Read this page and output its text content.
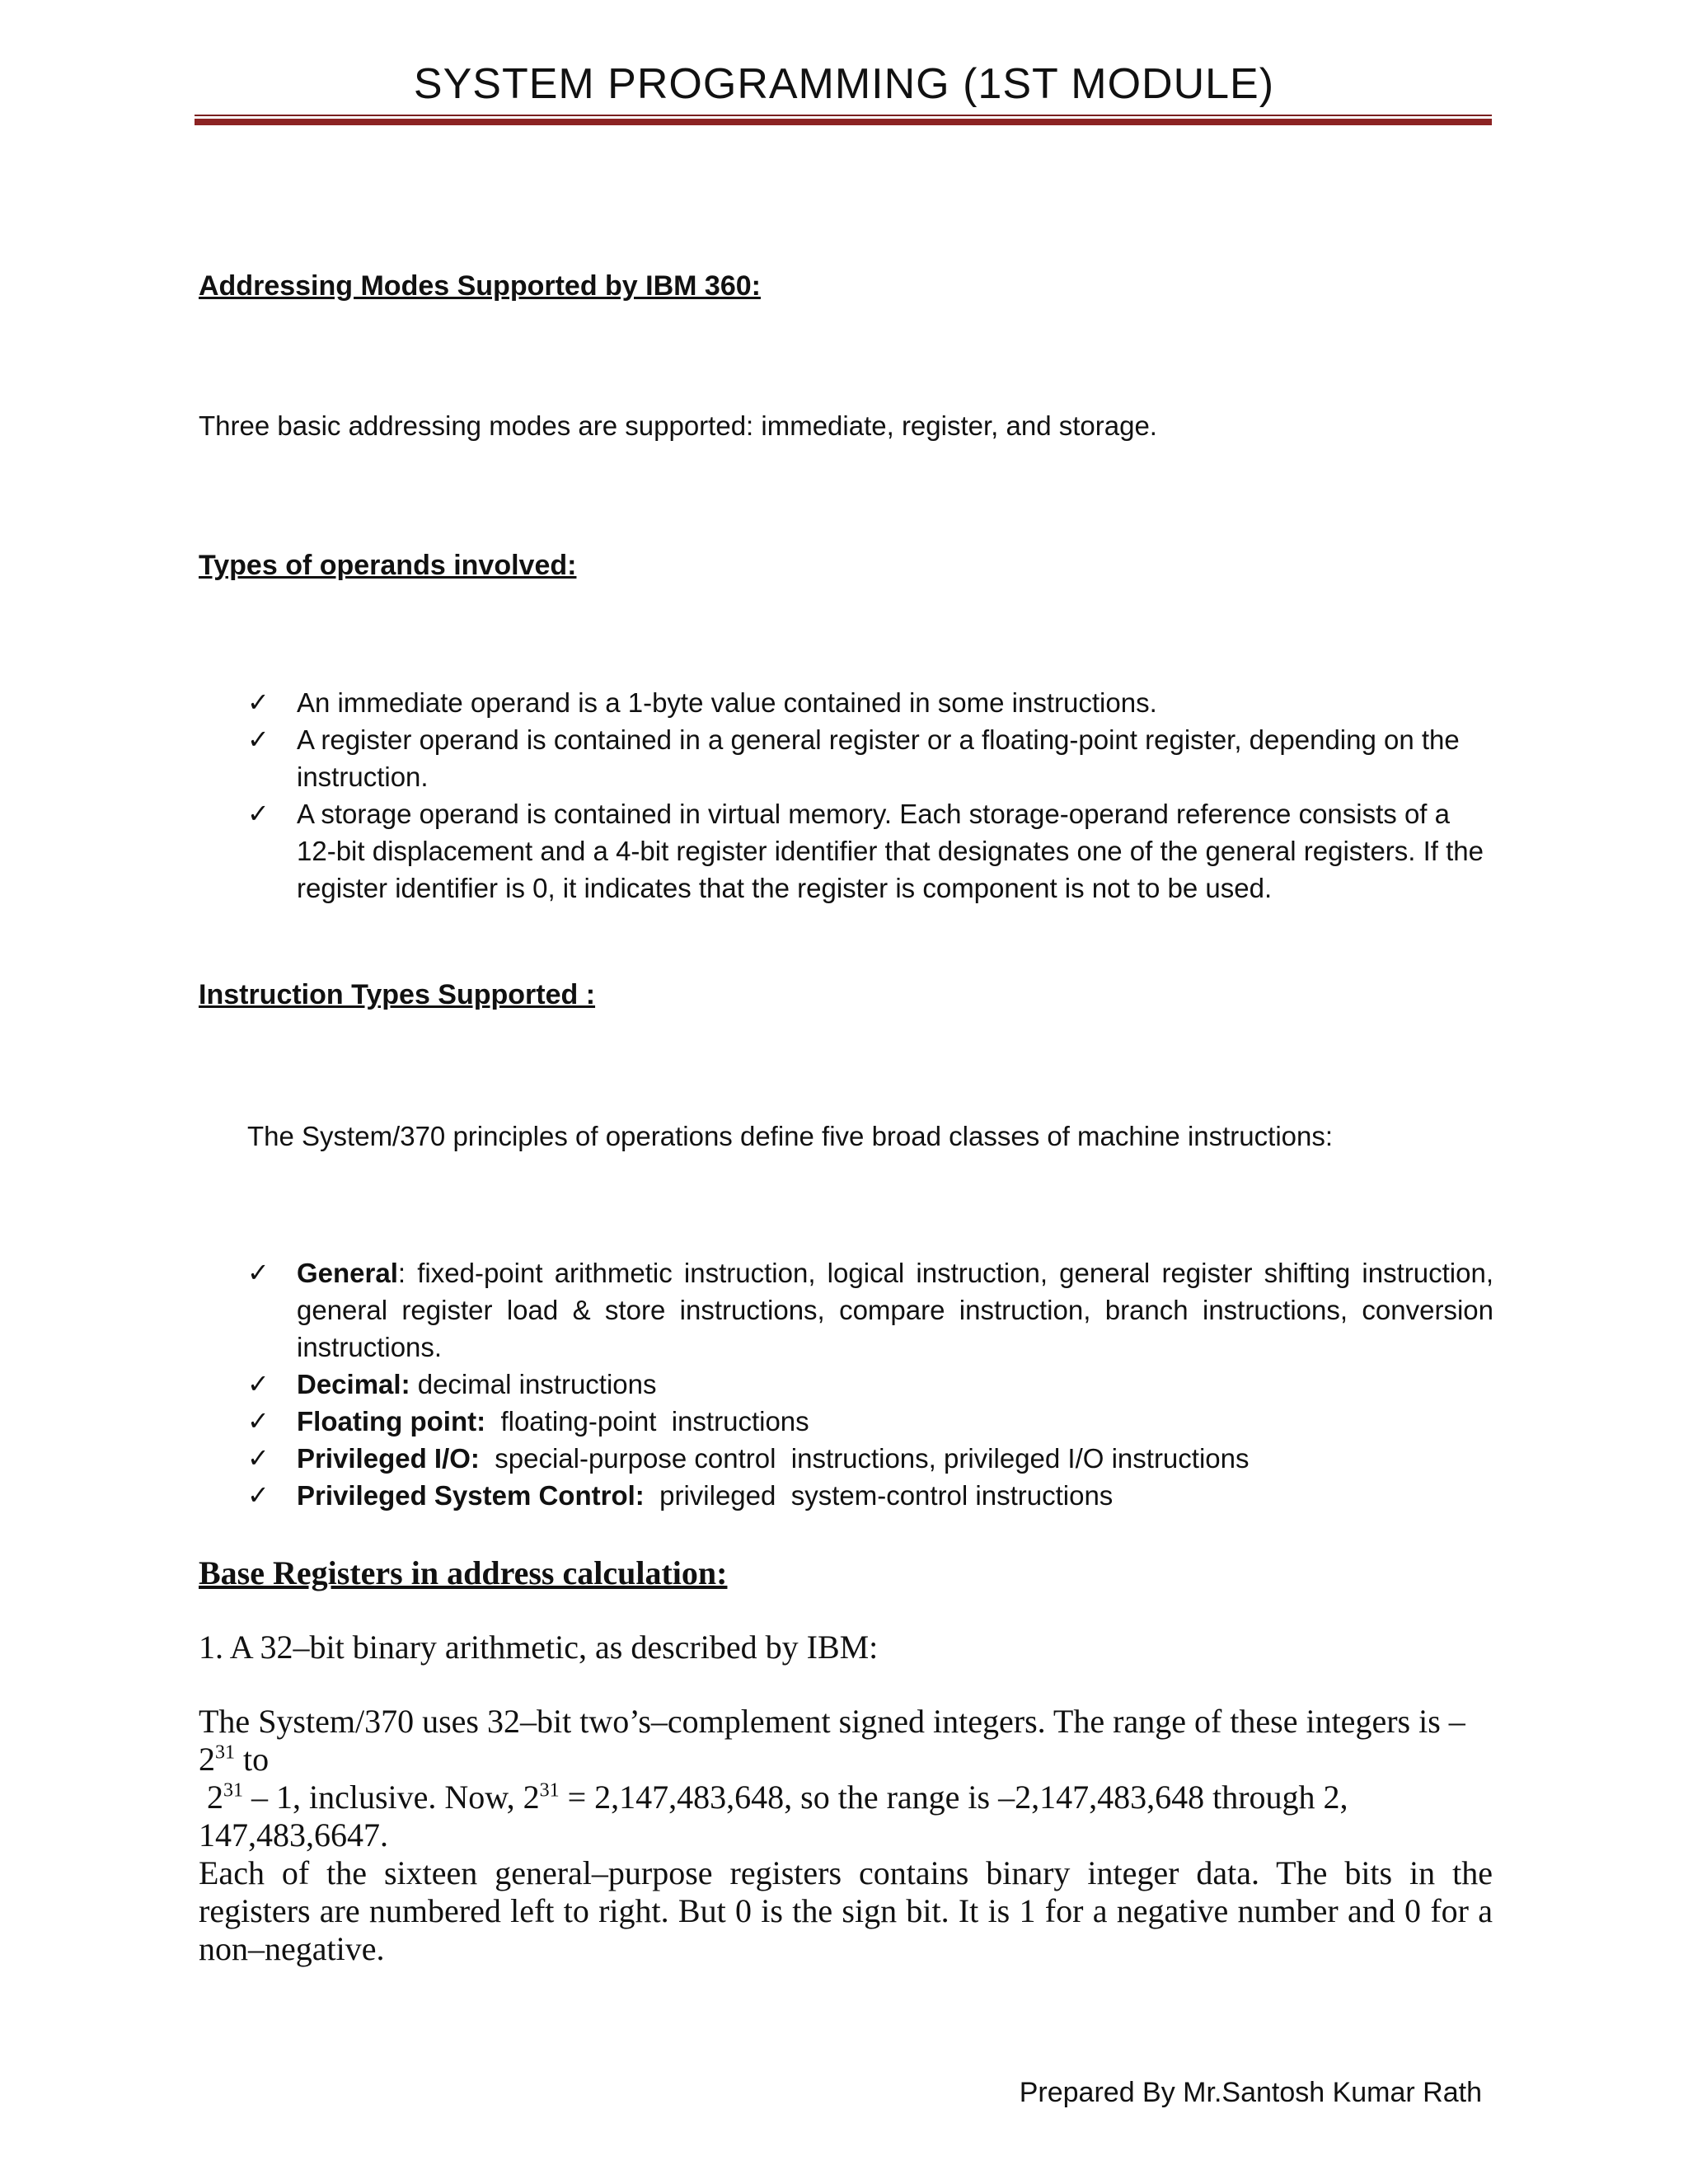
SYSTEM PROGRAMMING (1ST MODULE)
Addressing Modes Supported by IBM 360:
Three basic addressing modes are supported: immediate, register, and storage.
Types of operands involved:
✓	An immediate operand is a 1-byte value contained in some instructions.
✓	A register operand is contained in a general register or a floating-point register, depending on the instruction.
✓	A storage operand is contained in virtual memory. Each storage-operand reference consists of a 12-bit displacement and a 4-bit register identifier that designates one of the general registers. If the register identifier is 0, it indicates that the register is component is not to be used.
Instruction Types Supported :
The System/370 principles of operations define five broad classes of machine instructions:
✓	General: fixed-point arithmetic instruction, logical instruction, general register shifting instruction, general register load & store instructions, compare instruction, branch instructions, conversion instructions.
✓	Decimal: decimal instructions
✓	Floating point:  floating-point  instructions
✓	Privileged I/O:  special-purpose control  instructions, privileged I/O instructions
✓	Privileged System Control:  privileged  system-control instructions
Base Registers in address calculation:
1. A 32–bit binary arithmetic, as described by IBM:
The System/370 uses 32–bit two’s–complement signed integers. The range of these integers is –
$2^{31}$ to
$2^{31} - 1$, inclusive. Now, $2^{31} = 2,147,483,648$, so the range is –2,147,483,648 through 2,
147,483,6647.
Each of the sixteen general–purpose registers contains binary integer data. The bits in the registers are numbered left to right. But 0 is the sign bit. It is 1 for a negative number and 0 for a non–negative.
Prepared By Mr.Santosh Kumar Rath
